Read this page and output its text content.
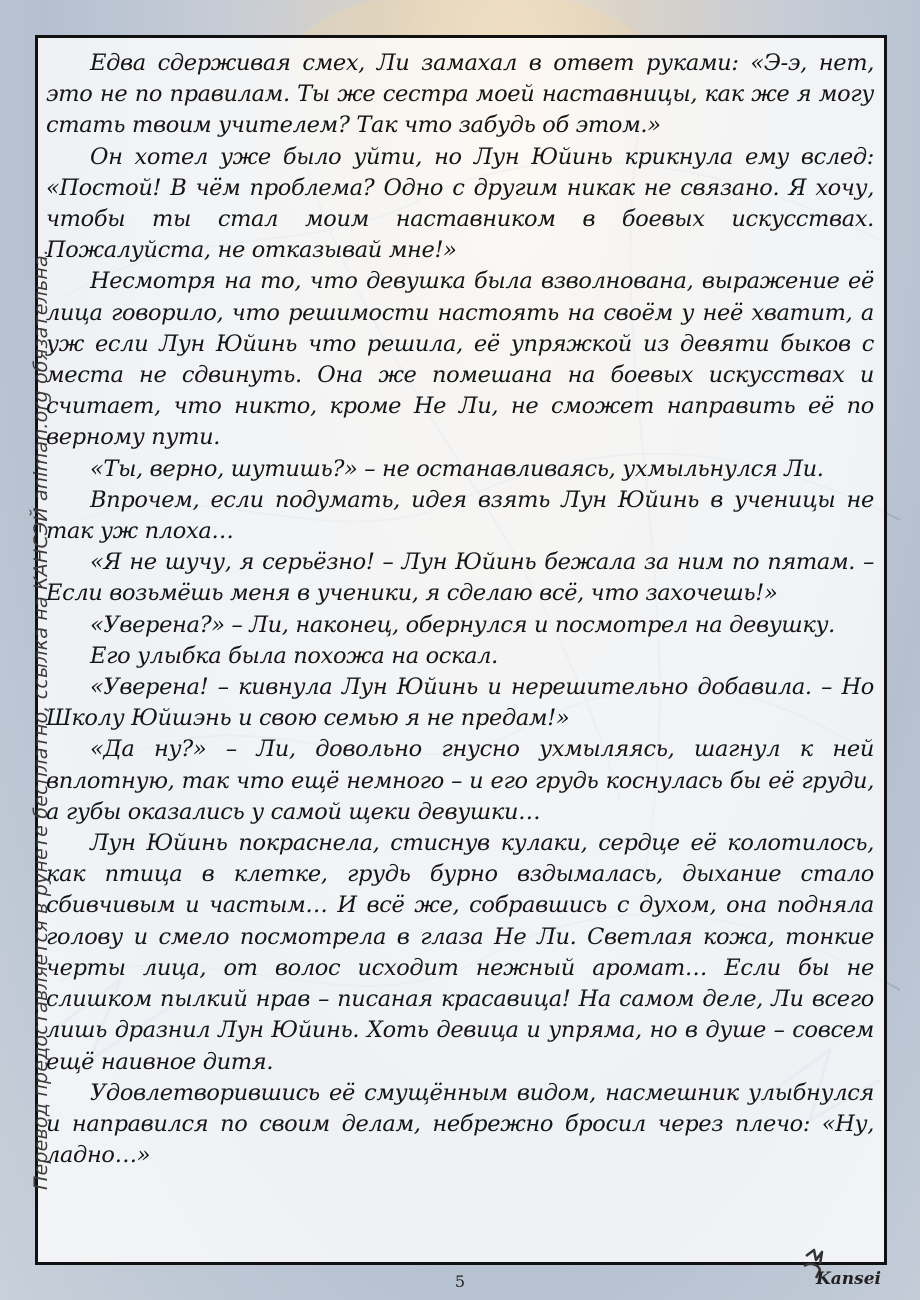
Едва сдерживая смех, Ли замахал в ответ руками: «Э-э, нет, это не по правилам. Ты же сестра моей наставницы, как же я могу стать твоим учителем? Так что забудь об этом.»

Он хотел уже было уйти, но Лун Юйинь крикнула ему вслед: «Постой! В чём проблема? Одно с другим никак не связано. Я хочу, чтобы ты стал моим наставником в боевых искусствах. Пожалуйста, не отказывай мне!»

Несмотря на то, что девушка была взволнована, выражение её лица говорило, что решимости настоять на своём у неё хватит, а уж если Лун Юйинь что решила, её упряжкой из девяти быков с места не сдвинуть. Она же помешана на боевых искусствах и считает, что никто, кроме Не Ли, не сможет направить её по верному пути.

«Ты, верно, шутишь?» – не останавливаясь, ухмыльнулся Ли.

Впрочем, если подумать, идея взять Лун Юйинь в ученицы не так уж плоха…

«Я не шучу, я серьёзно! – Лун Юйинь бежала за ним по пятам. – Если возьмёшь меня в ученики, я сделаю всё, что захочешь!»

«Уверена?» – Ли, наконец, обернулся и посмотрел на девушку.

Его улыбка была похожа на оскал.

«Уверена! – кивнула Лун Юйинь и нерешительно добавила. – Но Школу Юйшэнь и свою семью я не предам!»

«Да ну?» – Ли, довольно гнусно ухмыляясь, шагнул к ней вплотную, так что ещё немного – и его грудь коснулась бы её груди, а губы оказались у самой щеки девушки…

Лун Юйинь покраснела, стиснув кулаки, сердце её колотилось, как птица в клетке, грудь бурно вздымалась, дыхание стало сбивчивым и частым… И всё же, собравшись с духом, она подняла голову и смело посмотрела в глаза Не Ли. Светлая кожа, тонкие черты лица, от волос исходит нежный аромат… Если бы не слишком пылкий нрав – писаная красавица! На самом деле, Ли всего лишь дразнил Лун Юйинь. Хоть девица и упряма, но в душе – совсем ещё наивное дитя.

Удовлетворившись её смущённым видом, насмешник улыбнулся и направился по своим делам, небрежно бросил через плечо: «Ну, ладно…»

Перевод предоставляется в рунете бесплатно, ссылка на КАНСЭЙ animan.org обязательна.
5	Kansei
